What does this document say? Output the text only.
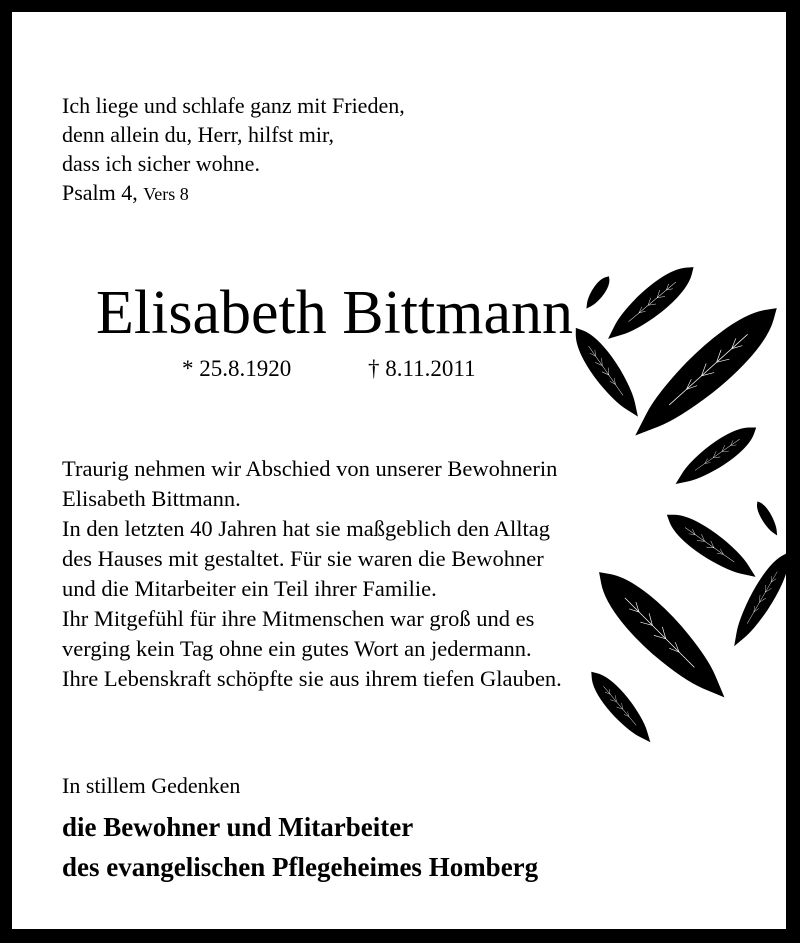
Ich liege und schlafe ganz mit Frieden,
denn allein du, Herr, hilfst mir,
dass ich sicher wohne.
Psalm 4, Vers 8
Elisabeth Bittmann
* 25.8.1920	† 8.11.2011
Traurig nehmen wir Abschied von unserer Bewohnerin
Elisabeth Bittmann.
In den letzten 40 Jahren hat sie maßgeblich den Alltag
des Hauses mit gestaltet. Für sie waren die Bewohner
und die Mitarbeiter ein Teil ihrer Familie.
Ihr Mitgefühl für ihre Mitmenschen war groß und es
verging kein Tag ohne ein gutes Wort an jedermann.
Ihre Lebenskraft schöpfte sie aus ihrem tiefen Glauben.
In stillem Gedenken
die Bewohner und Mitarbeiter
des evangelischen Pflegeheimes Homberg
